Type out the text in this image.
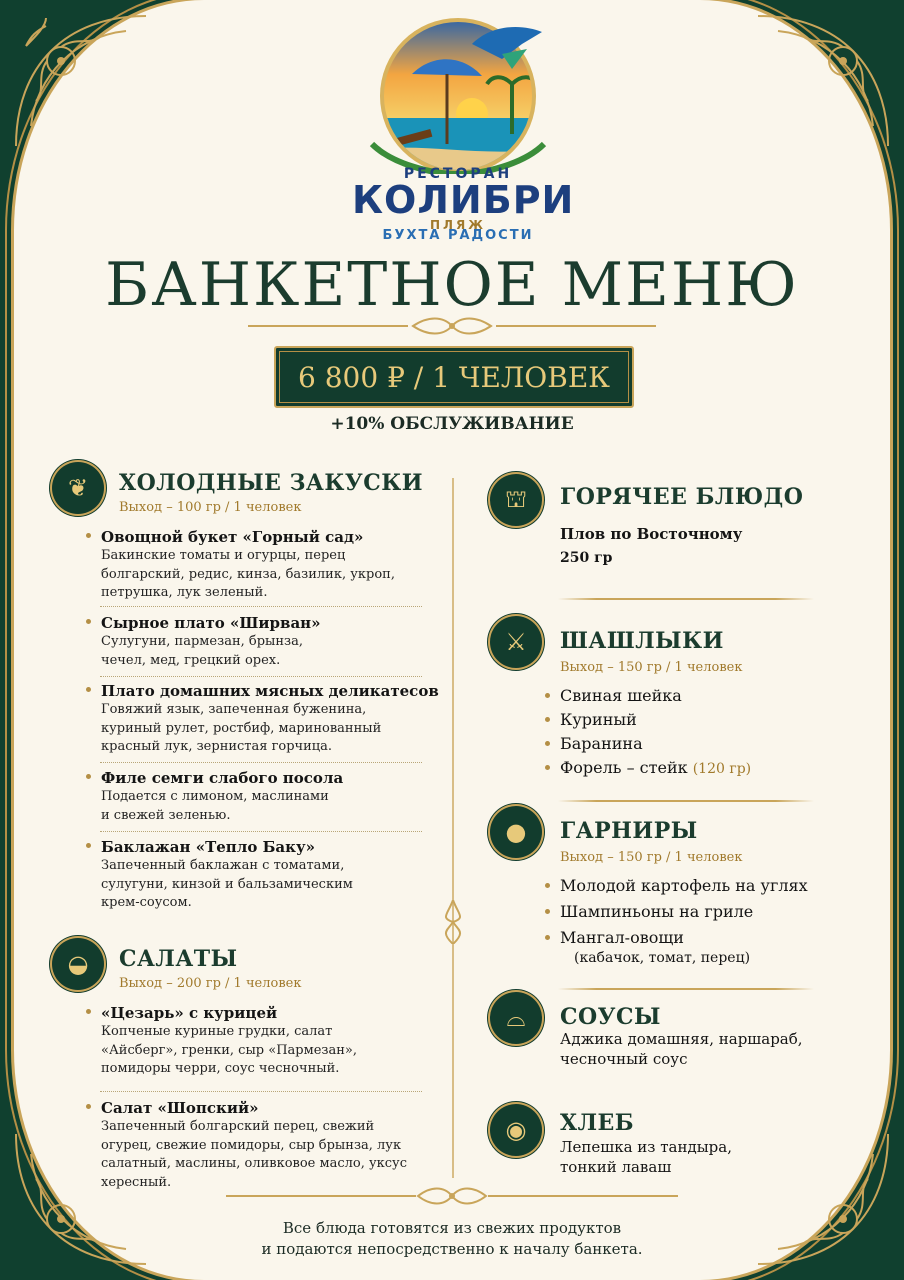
РЕСТОРАН
КОЛИБРИ
ПЛЯЖ
БУХТА РАДОСТИ
БАНКЕТНОЕ МЕНЮ
6 800 ₽ / 1 ЧЕЛОВЕК
+10% ОБСЛУЖИВАНИЕ
❦	ХОЛОДНЫЕ ЗАКУСКИ
Выход – 100 гр / 1 человек
Овощной букет «Горный сад»
Бакинские томаты и огурцы, перец болгарский, редис, кинза, базилик, укроп, петрушка, лук зеленый.
Сырное плато «Ширван»
Сулугуни, пармезан, брынза, чечел, мед, грецкий орех.
Плато домашних мясных деликатесов
Говяжий язык, запеченная буженина, куриный рулет, ростбиф, маринованный красный лук, зернистая горчица.
Филе семги слабого посола
Подается с лимоном, маслинами и свежей зеленью.
Баклажан «Тепло Баку»
Запеченный баклажан с томатами, сулугуни, кинзой и бальзамическим крем-соусом.
◒	САЛАТЫ
Выход – 200 гр / 1 человек
«Цезарь» с курицей
Копченые куриные грудки, салат «Айсберг», гренки, сыр «Пармезан», помидоры черри, соус чесночный.
Салат «Шопский»
Запеченный болгарский перец, свежий огурец, свежие помидоры, сыр брынза, лук салатный, маслины, оливковое масло, уксус хересный.
⛫	ГОРЯЧЕЕ БЛЮДО
Плов по Восточному
250 гр
⚔	ШАШЛЫКИ
Выход – 150 гр / 1 человек
Свиная шейка
Куриный
Баранина
Форель – стейк (120 гр)
●	ГАРНИРЫ
Выход – 150 гр / 1 человек
Молодой картофель на углях
Шампиньоны на гриле
Мангал-овощи
(кабачок, томат, перец)
⌓	СОУСЫ
Аджика домашняя, наршараб,
чесночный соус
◉	ХЛЕБ
Лепешка из тандыра,
тонкий лаваш
Все блюда готовятся из свежих продуктов
и подаются непосредственно к началу банкета.
